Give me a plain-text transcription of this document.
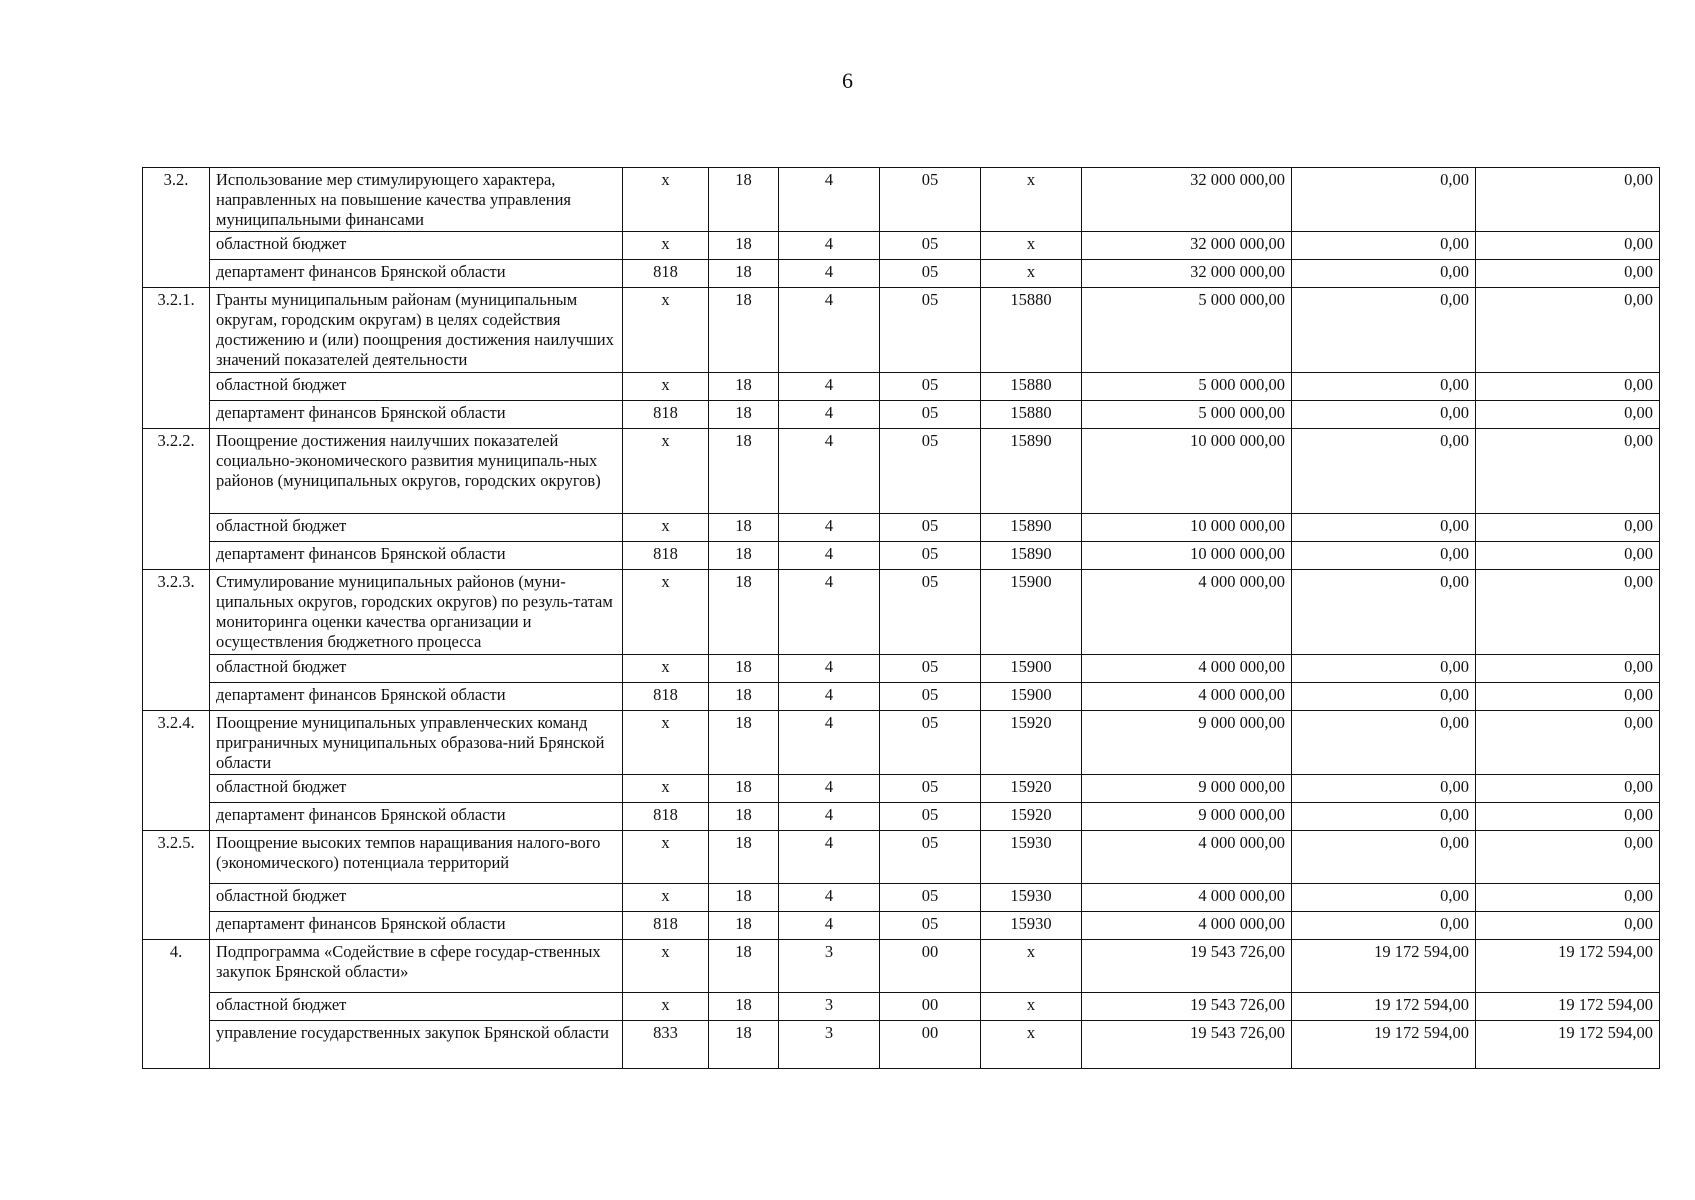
6
3.2.	Использование мер стимулирующего характера, направленных на повышение качества управления муниципальными финансами	x	18	4	05	x	32 000 000,00	0,00	0,00
	областной бюджет	x	18	4	05	x	32 000 000,00	0,00	0,00
	департамент финансов Брянской области	818	18	4	05	x	32 000 000,00	0,00	0,00
3.2.1.	Гранты муниципальным районам (муниципальным округам, городским округам) в целях содействия достижению и (или) поощрения достижения наилучших значений показателей деятельности	x	18	4	05	15880	5 000 000,00	0,00	0,00
	областной бюджет	x	18	4	05	15880	5 000 000,00	0,00	0,00
	департамент финансов Брянской области	818	18	4	05	15880	5 000 000,00	0,00	0,00
3.2.2.	Поощрение достижения наилучших показателей социально-экономического развития муниципаль-ных районов (муниципальных округов, городских округов)	x	18	4	05	15890	10 000 000,00	0,00	0,00
	областной бюджет	x	18	4	05	15890	10 000 000,00	0,00	0,00
	департамент финансов Брянской области	818	18	4	05	15890	10 000 000,00	0,00	0,00
3.2.3.	Стимулирование муниципальных районов (муни-ципальных округов, городских округов) по резуль-татам мониторинга оценки качества организации и осуществления бюджетного процесса	x	18	4	05	15900	4 000 000,00	0,00	0,00
	областной бюджет	x	18	4	05	15900	4 000 000,00	0,00	0,00
	департамент финансов Брянской области	818	18	4	05	15900	4 000 000,00	0,00	0,00
3.2.4.	Поощрение муниципальных управленческих команд приграничных муниципальных образова-ний Брянской области	x	18	4	05	15920	9 000 000,00	0,00	0,00
	областной бюджет	x	18	4	05	15920	9 000 000,00	0,00	0,00
	департамент финансов Брянской области	818	18	4	05	15920	9 000 000,00	0,00	0,00
3.2.5.	Поощрение высоких темпов наращивания налого-вого (экономического) потенциала территорий	x	18	4	05	15930	4 000 000,00	0,00	0,00
	областной бюджет	x	18	4	05	15930	4 000 000,00	0,00	0,00
	департамент финансов Брянской области	818	18	4	05	15930	4 000 000,00	0,00	0,00
4.	Подпрограмма «Содействие в сфере государ-ственных закупок Брянской области»	x	18	3	00	x	19 543 726,00	19 172 594,00	19 172 594,00
	областной бюджет	x	18	3	00	x	19 543 726,00	19 172 594,00	19 172 594,00
	управление государственных закупок Брянской области	833	18	3	00	x	19 543 726,00	19 172 594,00	19 172 594,00
